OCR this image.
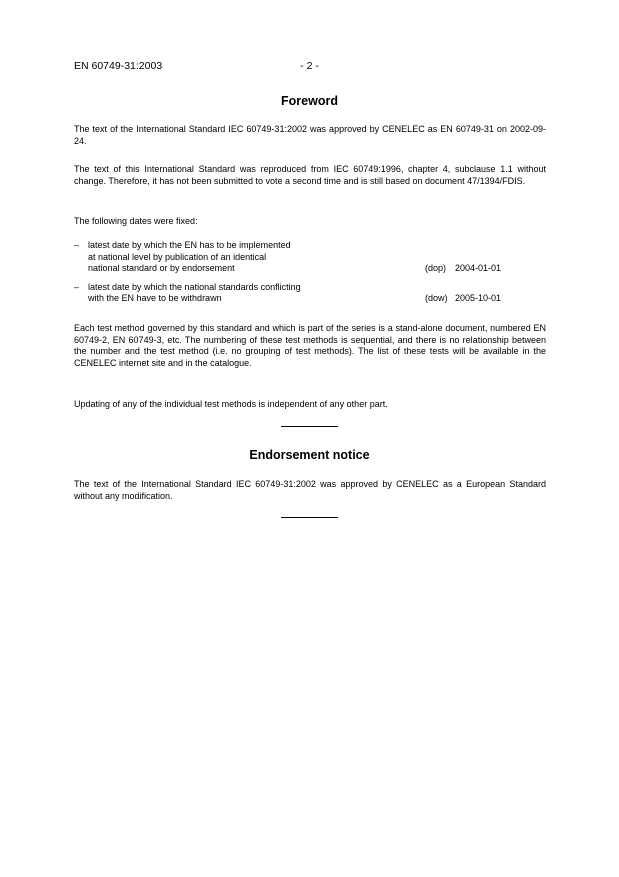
EN 60749-31:2003	- 2 -
Foreword

The text of the International Standard IEC 60749-31:2002 was approved by CENELEC as EN 60749-31 on 2002-09-24.

The text of this International Standard was reproduced from IEC 60749:1996, chapter 4, subclause 1.1 without change. Therefore, it has not been submitted to vote a second time and is still based on document 47/1394/FDIS.

The following dates were fixed:

– latest date by which the EN has to be implemented
at national level by publication of an identical
national standard or by endorsement	(dop) 2004-01-01
– latest date by which the national standards conflicting
with the EN have to be withdrawn	(dow) 2005-10-01

Each test method governed by this standard and which is part of the series is a stand-alone document, numbered EN 60749-2, EN 60749-3, etc. The numbering of these test methods is sequential, and there is no relationship between the number and the test method (i.e. no grouping of test methods). The list of these tests will be available in the CENELEC internet site and in the catalogue.

Updating of any of the individual test methods is independent of any other part.

Endorsement notice

The text of the International Standard IEC 60749-31:2002 was approved by CENELEC as a European Standard without any modification.
